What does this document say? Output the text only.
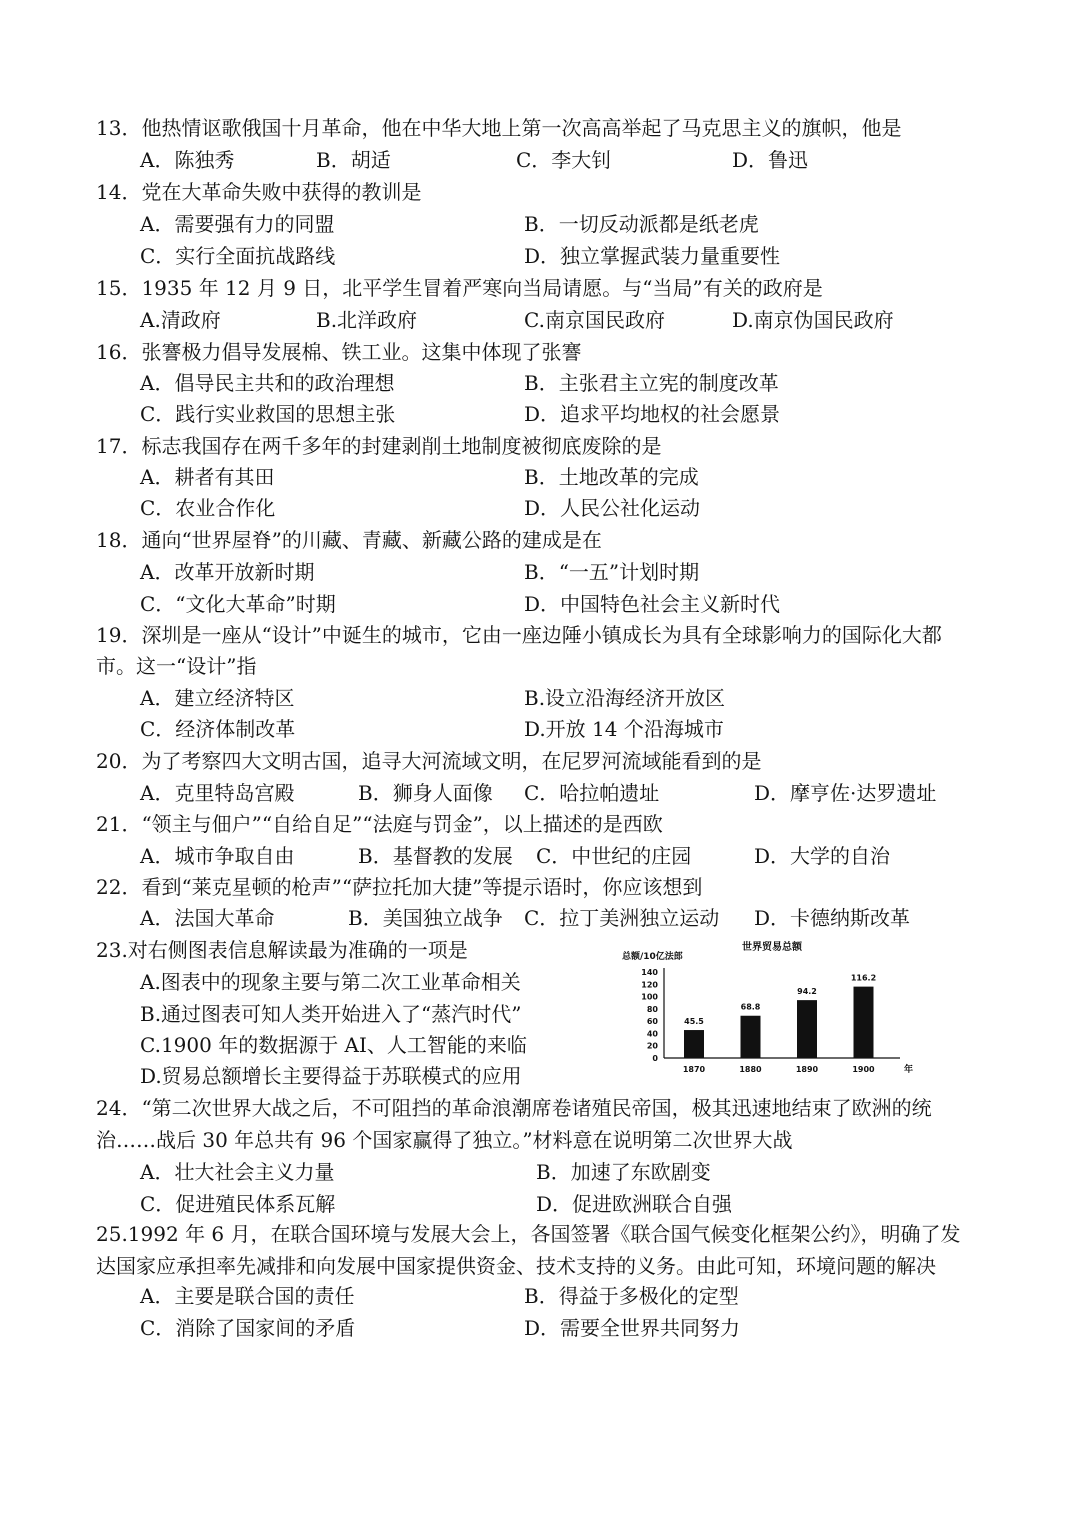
13．他热情讴歌俄国十月革命，他在中华大地上第一次高高举起了马克思主义的旗帜，他是
A．陈独秀	B．胡适	C．李大钊	D．鲁迅
14．党在大革命失败中获得的教训是
A．需要强有力的同盟	B．一切反动派都是纸老虎
C．实行全面抗战路线	D．独立掌握武装力量重要性
15．1935 年 12 月 9 日，北平学生冒着严寒向当局请愿。与“当局”有关的政府是
A.清政府	B.北洋政府	C.南京国民政府	D.南京伪国民政府
16．张謇极力倡导发展棉、铁工业。这集中体现了张謇
A．倡导民主共和的政治理想	B．主张君主立宪的制度改革
C．践行实业救国的思想主张	D．追求平均地权的社会愿景
17．标志我国存在两千多年的封建剥削土地制度被彻底废除的是
A．耕者有其田	B．土地改革的完成
C．农业合作化	D．人民公社化运动
18．通向“世界屋脊”的川藏、青藏、新藏公路的建成是在
A．改革开放新时期	B．“一五”计划时期
C．“文化大革命”时期	D．中国特色社会主义新时代
19．深圳是一座从“设计”中诞生的城市，它由一座边陲小镇成长为具有全球影响力的国际化大都
市。这一“设计”指
A．建立经济特区	B.设立沿海经济开放区
C．经济体制改革	D.开放 14 个沿海城市
20．为了考察四大文明古国，追寻大河流域文明，在尼罗河流域能看到的是
A．克里特岛宫殿	B．狮身人面像 C．哈拉帕遗址	D．摩亨佐·达罗遗址
21．“领主与佃户”“自给自足”“法庭与罚金”，以上描述的是西欧
A．城市争取自由	B．基督教的发展 C．中世纪的庄园	D．大学的自治
22．看到“莱克星顿的枪声”“萨拉托加大捷”等提示语时，你应该想到
A．法国大革命	B．美国独立战争 C．拉丁美洲独立运动 D．卡德纳斯改革
23.对右侧图表信息解读最为准确的一项是
A.图表中的现象主要与第二次工业革命相关
B.通过图表可知人类开始进入了“蒸汽时代”
C.1900 年的数据源于 AI、人工智能的来临
D.贸易总额增长主要得益于苏联模式的应用
世界贸易总额
总额/10亿法郎
0
20
40
60
80
100
120
140
45.5
1870
68.8
1880
94.2
1890
116.2
1900	年
24．“第二次世界大战之后，不可阻挡的革命浪潮席卷诸殖民帝国，极其迅速地结束了欧洲的统
治……战后 30 年总共有 96 个国家赢得了独立。”材料意在说明第二次世界大战
A．壮大社会主义力量	B．加速了东欧剧变
C．促进殖民体系瓦解	D．促进欧洲联合自强
25.1992 年 6 月，在联合国环境与发展大会上，各国签署《联合国气候变化框架公约》，明确了发
达国家应承担率先减排和向发展中国家提供资金、技术支持的义务。由此可知，环境问题的解决
A．主要是联合国的责任	B．得益于多极化的定型
C．消除了国家间的矛盾	D．需要全世界共同努力
